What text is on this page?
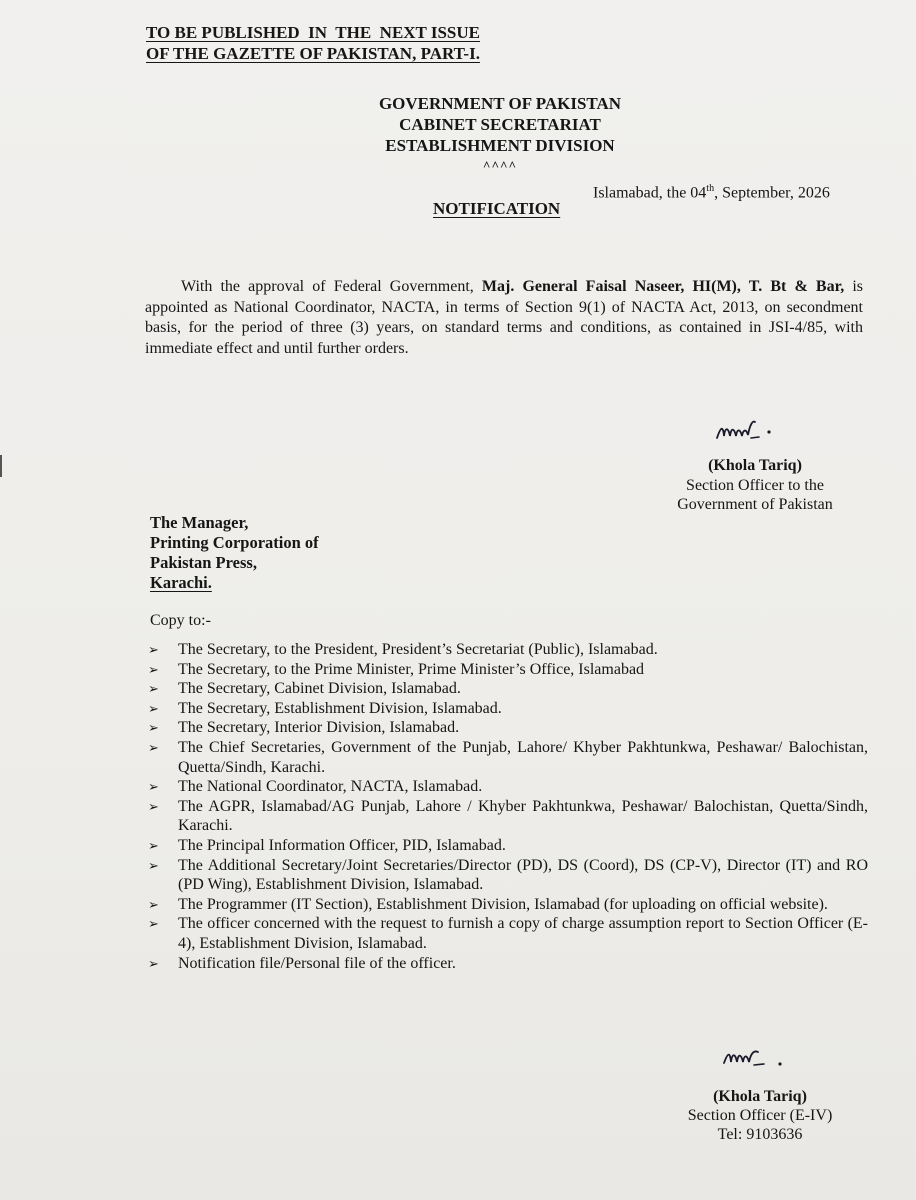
TO BE PUBLISHED  IN  THE  NEXT ISSUE
OF THE GAZETTE OF PAKISTAN, PART-I.
GOVERNMENT OF PAKISTAN
CABINET SECRETARIAT
ESTABLISHMENT DIVISION
^^^^
Islamabad, the 04th, September, 2026
NOTIFICATION
With the approval of Federal Government, Maj. General Faisal Naseer, HI(M), T. Bt & Bar, is appointed as National Coordinator, NACTA, in terms of Section 9(1) of NACTA Act, 2013, on secondment basis, for the period of three (3) years, on standard terms and conditions, as contained in JSI-4/85, with immediate effect and until further orders.
(Khola Tariq)
Section Officer to the
Government of Pakistan
The Manager,
Printing Corporation of
Pakistan Press,
Karachi.
Copy to:-
➢ The Secretary, to the President, President’s Secretariat (Public), Islamabad.
➢ The Secretary, to the Prime Minister, Prime Minister’s Office, Islamabad
➢ The Secretary, Cabinet Division, Islamabad.
➢ The Secretary, Establishment Division, Islamabad.
➢ The Secretary, Interior Division, Islamabad.
➢ The Chief Secretaries, Government of the Punjab, Lahore/ Khyber Pakhtunkwa, Peshawar/ Balochistan, Quetta/Sindh, Karachi.
➢ The National Coordinator, NACTA, Islamabad.
➢ The AGPR, Islamabad/AG Punjab, Lahore / Khyber Pakhtunkwa, Peshawar/ Balochistan, Quetta/Sindh, Karachi.
➢ The Principal Information Officer, PID, Islamabad.
➢ The Additional Secretary/Joint Secretaries/Director (PD), DS (Coord), DS (CP-V), Director (IT) and RO (PD Wing), Establishment Division, Islamabad.
➢ The Programmer (IT Section), Establishment Division, Islamabad (for uploading on official website).
➢ The officer concerned with the request to furnish a copy of charge assumption report to Section Officer (E-4), Establishment Division, Islamabad.
➢ Notification file/Personal file of the officer.
(Khola Tariq)
Section Officer (E-IV)
Tel: 9103636
